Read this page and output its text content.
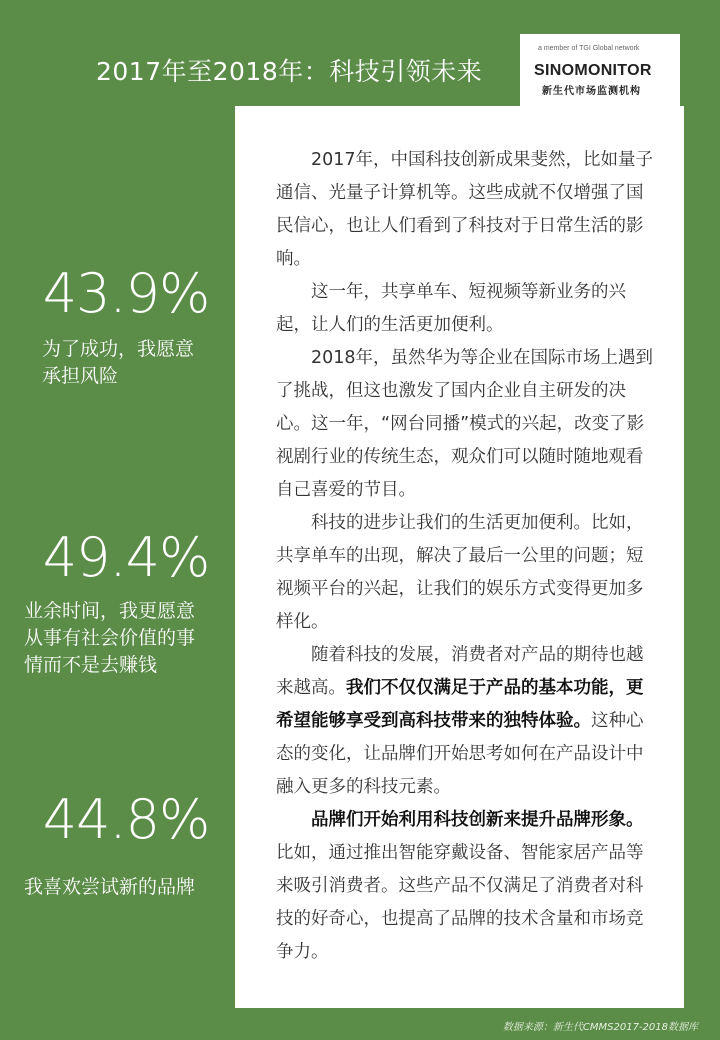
2017年至2018年：科技引领未来
a member of TGI Global network
SINOMONITOR
新生代市场监测机构
43.9%
为了成功，我愿意
承担风险
49.4%
业余时间，我更愿意
从事有社会价值的事
情而不是去赚钱
44.8%
我喜欢尝试新的品牌

2017年，中国科技创新成果斐然，比如量子通信、光量子计算机等。这些成就不仅增强了国民信心，也让人们看到了科技对于日常生活的影响。

这一年，共享单车、短视频等新业务的兴起，让人们的生活更加便利。

2018年，虽然华为等企业在国际市场上遇到了挑战，但这也激发了国内企业自主研发的决心。这一年，“网台同播”模式的兴起，改变了影视剧行业的传统生态，观众们可以随时随地观看自己喜爱的节目。

科技的进步让我们的生活更加便利。比如，共享单车的出现，解决了最后一公里的问题；短视频平台的兴起，让我们的娱乐方式变得更加多样化。

随着科技的发展，消费者对产品的期待也越来越高。我们不仅仅满足于产品的基本功能，更希望能够享受到高科技带来的独特体验。这种心态的变化，让品牌们开始思考如何在产品设计中融入更多的科技元素。

品牌们开始利用科技创新来提升品牌形象。比如，通过推出智能穿戴设备、智能家居产品等来吸引消费者。这些产品不仅满足了消费者对科技的好奇心，也提高了品牌的技术含量和市场竞争力。

数据来源：新生代CMMS2017-2018数据库
